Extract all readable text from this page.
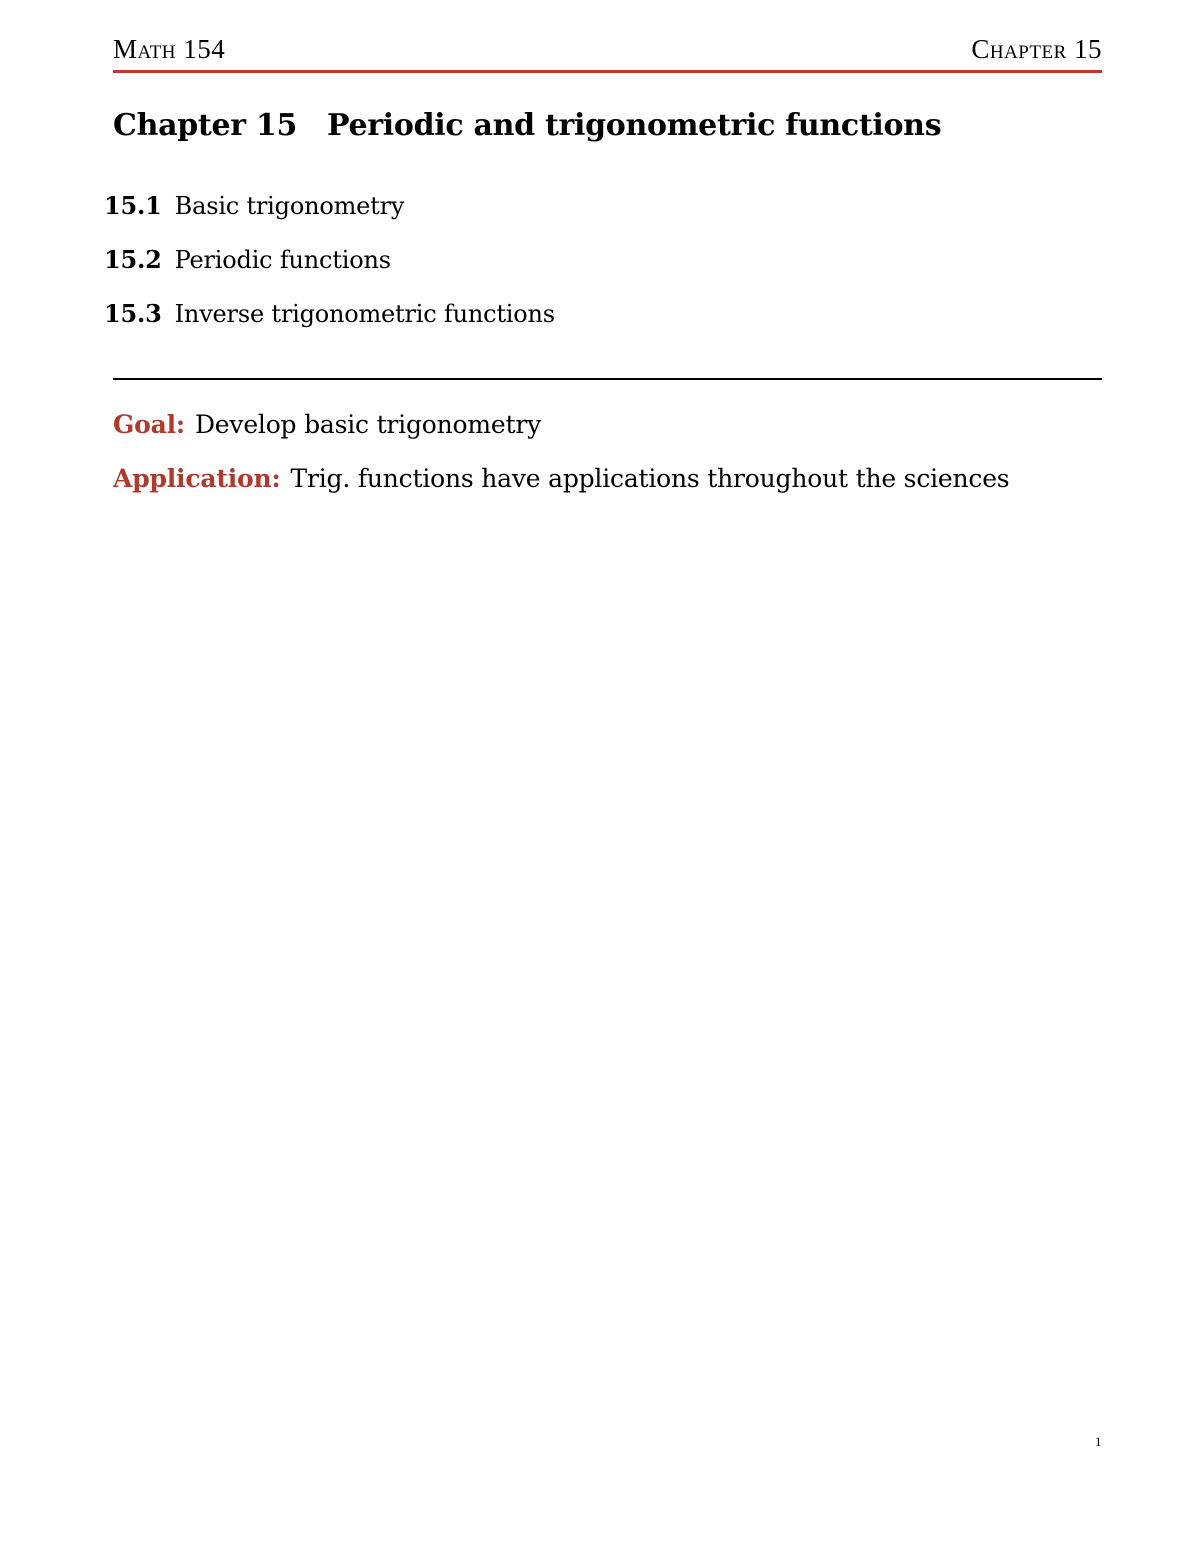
Math 154	Chapter 15
Chapter 15 Periodic and trigonometric functions
15.1 Basic trigonometry
15.2 Periodic functions
15.3 Inverse trigonometric functions
Goal: Develop basic trigonometry
Application: Trig. functions have applications throughout the sciences
1
